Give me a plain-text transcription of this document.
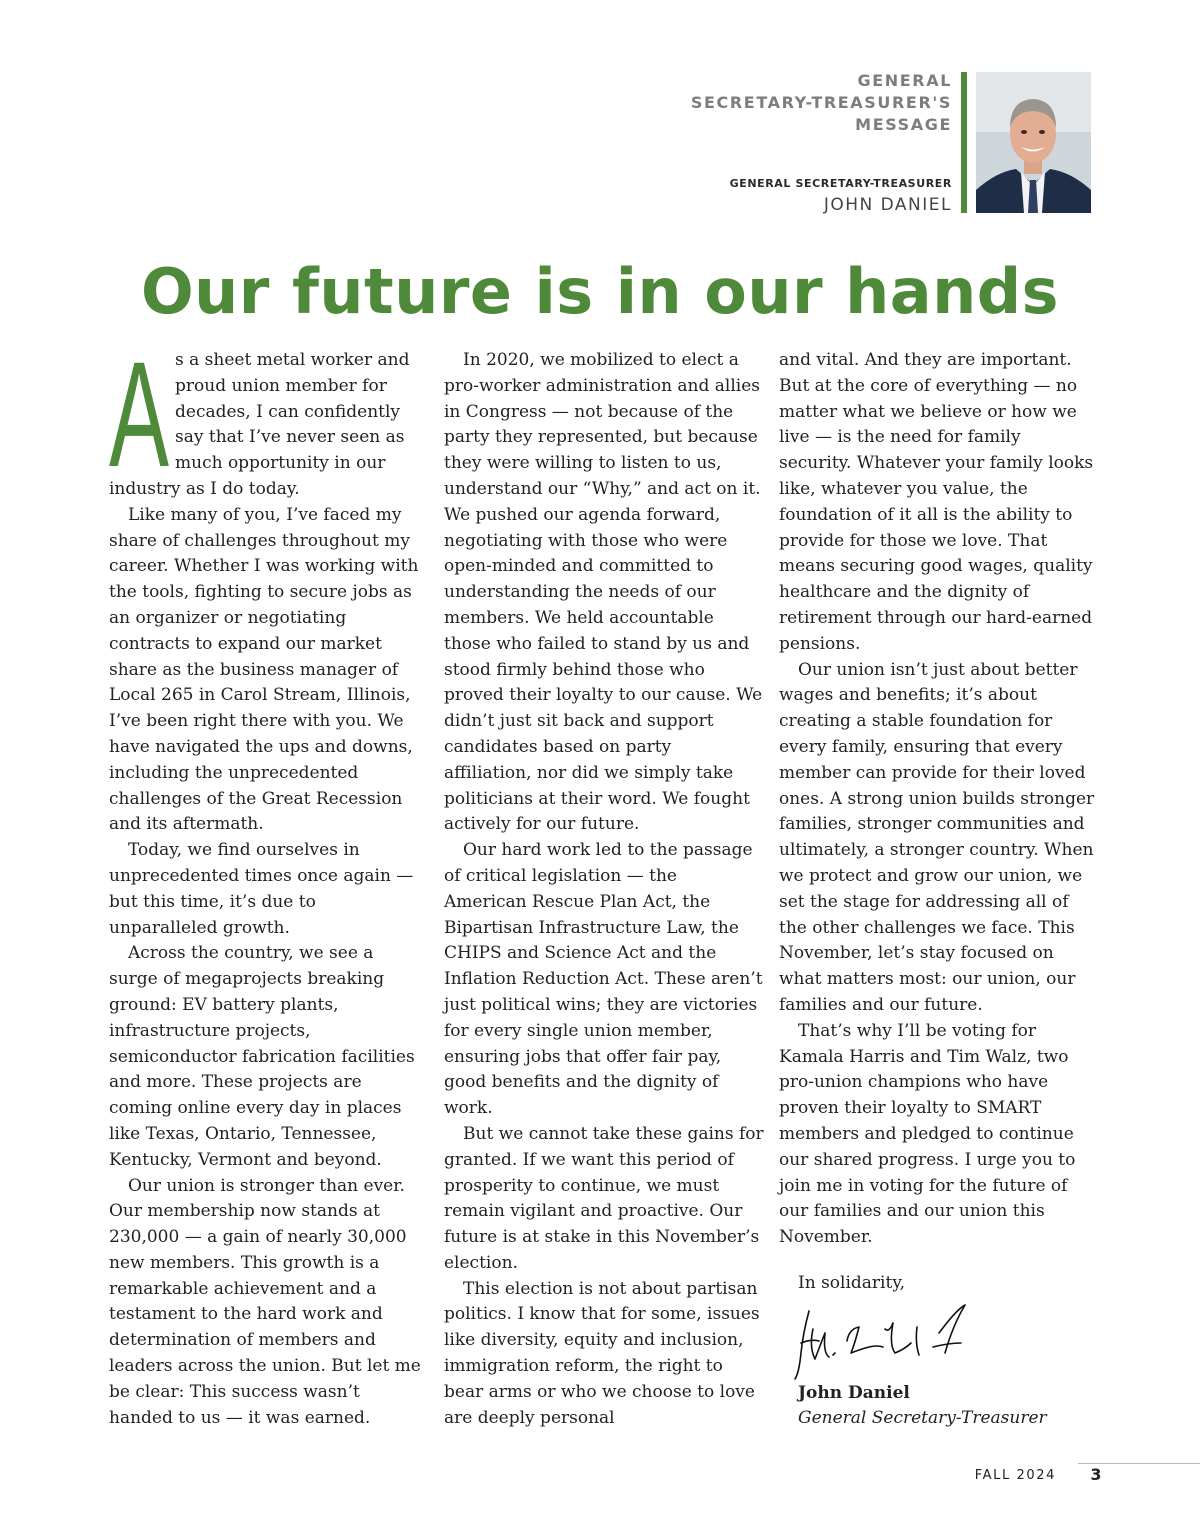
GENERAL
SECRETARY-TREASURER'S
MESSAGE
GENERAL SECRETARY-TREASURER
JOHN DANIEL
Our future is in our hands

As a sheet metal worker and proud union member for decades, I can confidently say that I’ve never seen as much opportunity in our industry as I do today.

Like many of you, I’ve faced my share of challenges throughout my career. Whether I was working with the tools, fighting to secure jobs as an organizer or negotiating contracts to expand our market share as the business manager of Local 265 in Carol Stream, Illinois, I’ve been right there with you. We have navigated the ups and downs, including the unprecedented challenges of the Great Recession and its aftermath.

Today, we find ourselves in unprecedented times once again — but this time, it’s due to unparalleled growth.

Across the country, we see a surge of megaprojects breaking ground: EV battery plants, infrastructure projects, semiconductor fabrication facilities and more. These projects are coming online every day in places like Texas, Ontario, Tennessee, Kentucky, Vermont and beyond.

Our union is stronger than ever. Our membership now stands at 230,000 — a gain of nearly 30,000 new members. This growth is a remarkable achievement and a testament to the hard work and determination of members and leaders across the union. But let me be clear: This success wasn’t handed to us — it was earned.

In 2020, we mobilized to elect a pro-worker administration and allies in Congress — not because of the party they represented, but because they were willing to listen to us, understand our “Why,” and act on it. We pushed our agenda forward, negotiating with those who were open-minded and committed to understanding the needs of our members. We held accountable those who failed to stand by us and stood firmly behind those who proved their loyalty to our cause. We didn’t just sit back and support candidates based on party affiliation, nor did we simply take politicians at their word. We fought actively for our future.

Our hard work led to the passage of critical legislation — the American Rescue Plan Act, the Bipartisan Infrastructure Law, the CHIPS and Science Act and the Inflation Reduction Act. These aren’t just political wins; they are victories for every single union member, ensuring jobs that offer fair pay, good benefits and the dignity of work.

But we cannot take these gains for granted. If we want this period of prosperity to continue, we must remain vigilant and proactive. Our future is at stake in this November’s election.

This election is not about partisan politics. I know that for some, issues like diversity, equity and inclusion, immigration reform, the right to bear arms or who we choose to love are deeply personal

and vital. And they are important. But at the core of everything — no matter what we believe or how we live — is the need for family security. Whatever your family looks like, whatever you value, the foundation of it all is the ability to provide for those we love. That means securing good wages, quality healthcare and the dignity of retirement through our hard-earned pensions.

Our union isn’t just about better wages and benefits; it’s about creating a stable foundation for every family, ensuring that every member can provide for their loved ones. A strong union builds stronger families, stronger communities and ultimately, a stronger country. When we protect and grow our union, we set the stage for addressing all of the other challenges we face. This November, let’s stay focused on what matters most: our union, our families and our future.

That’s why I’ll be voting for Kamala Harris and Tim Walz, two pro-union champions who have proven their loyalty to SMART members and pledged to continue our shared progress. I urge you to join me in voting for the future of our families and our union this November.

In solidarity,
John Daniel
General Secretary-Treasurer
FALL 2024 3
